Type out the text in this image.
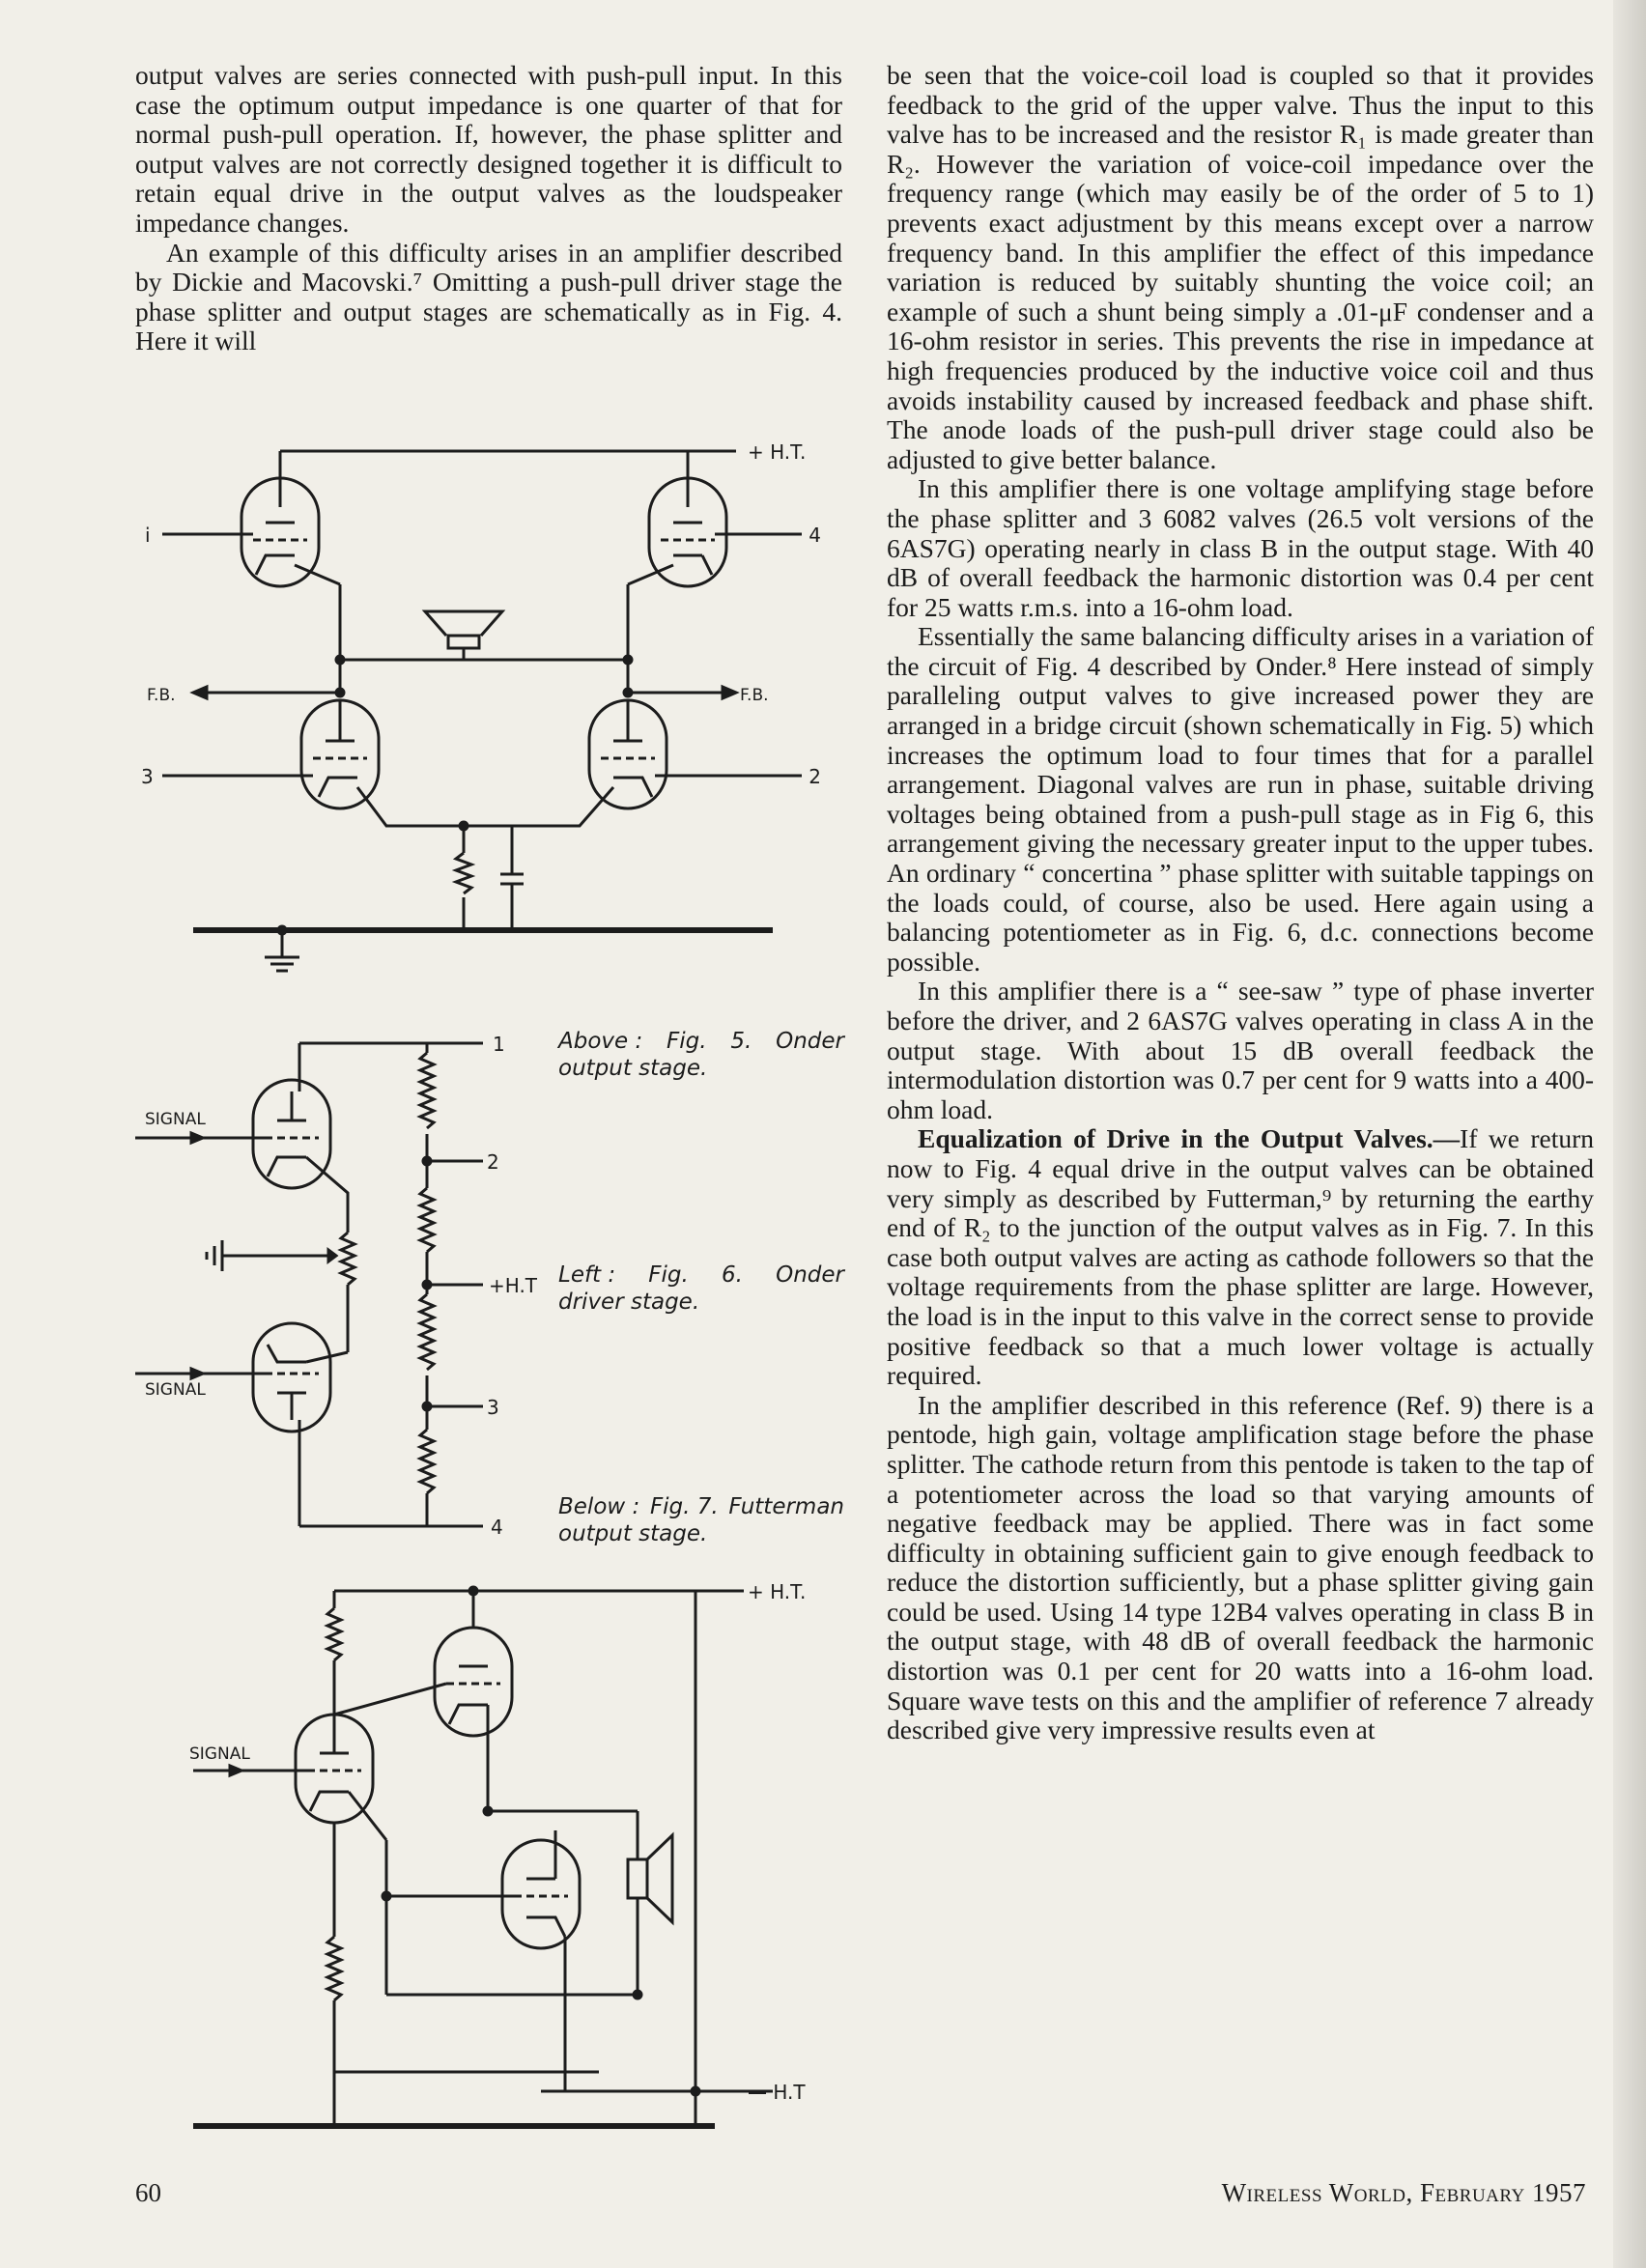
output valves are series connected with push-pull input. In this case the optimum output impedance is one quarter of that for normal push-pull operation. If, however, the phase splitter and output valves are not correctly designed together it is difficult to retain equal drive in the output valves as the loudspeaker impedance changes.

An example of this difficulty arises in an amplifier described by Dickie and Macovski.⁷ Omitting a push-pull driver stage the phase splitter and output stages are schematically as in Fig. 4. Here it will

+ H.T.
i	4
F.B.	F.B.
3	2
1
2
+H.T
3
4
SIGNAL
SIGNAL
Above : Fig. 5. Onder
output stage.
Left : Fig. 6. Onder
driver stage.
Below : Fig. 7. Futterman
output stage.
+ H.T.
— H.T
SIGNAL

be seen that the voice-coil load is coupled so that it provides feedback to the grid of the upper valve. Thus the input to this valve has to be increased and the resistor R₁ is made greater than R₂. However the variation of voice-coil impedance over the frequency range (which may easily be of the order of 5 to 1) prevents exact adjustment by this means except over a narrow frequency band. In this amplifier the effect of this impedance variation is reduced by suitably shunting the voice coil; an example of such a shunt being simply a .01-μF condenser and a 16-ohm resistor in series. This prevents the rise in impedance at high frequencies produced by the inductive voice coil and thus avoids instability caused by increased feedback and phase shift. The anode loads of the push-pull driver stage could also be adjusted to give better balance.

In this amplifier there is one voltage amplifying stage before the phase splitter and 3 6082 valves (26.5 volt versions of the 6AS7G) operating nearly in class B in the output stage. With 40 dB of overall feedback the harmonic distortion was 0.4 per cent for 25 watts r.m.s. into a 16-ohm load.

Essentially the same balancing difficulty arises in a variation of the circuit of Fig. 4 described by Onder.⁸ Here instead of simply paralleling output valves to give increased power they are arranged in a bridge circuit (shown schematically in Fig. 5) which increases the optimum load to four times that for a parallel arrangement. Diagonal valves are run in phase, suitable driving voltages being obtained from a push-pull stage as in Fig 6, this arrangement giving the necessary greater input to the upper tubes. An ordinary “ concertina ” phase splitter with suitable tappings on the loads could, of course, also be used. Here again using a balancing potentiometer as in Fig. 6, d.c. connections become possible.

In this amplifier there is a “ see-saw ” type of phase inverter before the driver, and 2 6AS7G valves operating in class A in the output stage. With about 15 dB overall feedback the intermodulation distortion was 0.7 per cent for 9 watts into a 400-ohm load.

Equalization of Drive in the Output Valves.—If we return now to Fig. 4 equal drive in the output valves can be obtained very simply as described by Futterman,⁹ by returning the earthy end of R₂ to the junction of the output valves as in Fig. 7. In this case both output valves are acting as cathode followers so that the voltage requirements from the phase splitter are large. However, the load is in the input to this valve in the correct sense to provide positive feedback so that a much lower voltage is actually required.

In the amplifier described in this reference (Ref. 9) there is a pentode, high gain, voltage amplification stage before the phase splitter. The cathode return from this pentode is taken to the tap of a potentiometer across the load so that varying amounts of negative feedback may be applied. There was in fact some difficulty in obtaining sufficient gain to give enough feedback to reduce the distortion sufficiently, but a phase splitter giving gain could be used. Using 14 type 12B4 valves operating in class B in the output stage, with 48 dB of overall feedback the harmonic distortion was 0.1 per cent for 20 watts into a 16-ohm load. Square wave tests on this and the amplifier of reference 7 already described give very impressive results even at

60	Wireless World, February 1957
